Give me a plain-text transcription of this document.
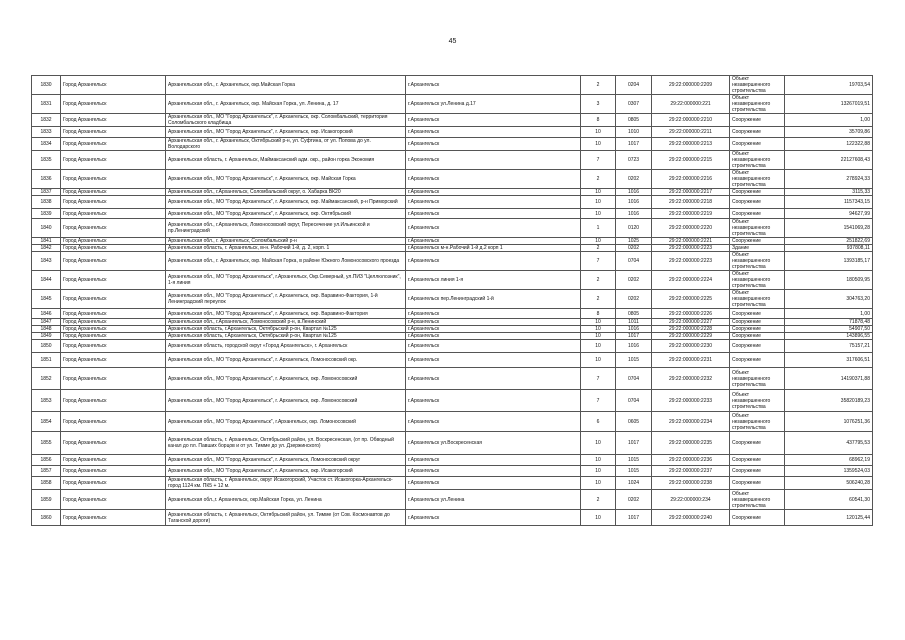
45
1830	Город Архангельск	Архангельская обл., г. Архангельск, окр.Майская Горка	г.Архангельск	2	0204	29:22:000000:2209	Объект незавершенного строительства	19703,54
1831	Город Архангельск	Архангельская обл., г. Архангельск, окр. Майская Горка, ул. Ленина, д. 17	г.Архангельск ул.Ленина д.17	3	0307	29:22:000000:221	Объект незавершенного строительства	13267019,51
1832	Город Архангельск	Архангельская обл., МО "Город Архангельск", г. Архангельск, окр. Соломбальский, территория Соломбальского кладбища	г.Архангельск	8	0805	29:22:000000:2210	Сооружение	1,00
1833	Город Архангельск	Архангельская обл., МО "Город Архангельск", г. Архангельск, окр. Исакогорский	г.Архангельск	10	1010	29:22:000000:2211	Сооружение	35709,86
1834	Город Архангельск	Архангельская обл., г. Архангельск, Октябрьский р-н, ул. Суфтина, от ул. Попова до ул. Володарского	г.Архангельск	10	1017	29:22:000000:2213	Сооружение	122322,88
1835	Город Архангельск	Архангельская область, г. Архангельск, Маймаксанский адм. окр., район горка Экономия	г.Архангельск	7	0723	29:22:000000:2215	Объект незавершенного строительства	22127608,43
1836	Город Архангельск	Архангельская обл., МО "Город Архангельск", г. Архангельск, окр. Майская Горка	г.Архангельск	2	0202	29:22:000000:2216	Объект незавершенного строительства	278924,33
1837	Город Архангельск	Архангельская обл., г.Архангельск, Соломбальский округ, о. Хабарка ВК20	г.Архангельск	10	1016	29:22:000000:2217	Сооружение	3115,33
1838	Город Архангельск	Архангельская обл., МО "Город Архангельск", г. Архангельск, окр. Маймаксанский, р-н Приморский	г.Архангельск	10	1016	29:22:000000:2218	Сооружение	1157343,15
1839	Город Архангельск	Архангельская обл., МО "Город Архангельск", г. Архангельск, окр. Октябрьский	г.Архангельск	10	1016	29:22:000000:2219	Сооружение	94627,99
1840	Город Архангельск	Архангельская обл., г.Архангельск, Ломоносовский округ, Пересечение ул.Ильинской и пр.Ленинградский	г.Архангельск	1	0120	29:22:000000:2220	Объект незавершенного строительства	1541069,28
1841	Город Архангельск	Архангельская обл., г. Архангельск, Соломбальский р-н	г.Архангельск	10	1025	29:22:000000:2221	Сооружение	251822,69
1842	Город Архангельск	Архангельская область, г. Архангельск, м-н. Рабочий 1-й, д. 2, корп. 1	г.Архангельск м-н.Рабочий 1-й д.2 корп 1	2	0202	29:22:000000:2223	Здание	937808,11
1843	Город Архангельск	Архангельская обл., г. Архангельск, окр. Майская Горка, в районе Южного Ломоносовского проезда	г.Архангельск	7	0704	29:22:000000:2223	Объект незавершенного строительства	1393185,17
1844	Город Архангельск	Архангельская обл., МО "Город Архангельск", г.Архангельск, Окр.Северный, ул.ПИЗ "Целлюлозник", 1-я линия	г.Архангельск линия 1-я	2	0202	29:22:000000:2224	Объект незавершенного строительства	180509,95
1845	Город Архангельск	Архангельская обл., МО "Город Архангельск", г. Архангельск, окр. Варавино-Фактория, 1-й Ленинградский переулок	г.Архангельск пер.Ленинградский 1-й	2	0202	29:22:000000:2225	Объект незавершенного строительства	304763,20
1846	Город Архангельск	Архангельская обл., МО "Город Архангельск", г. Архангельск, окр. Варавино-Фактория	г.Архангельск	8	0805	29:22:000000:2226	Сооружение	1,00
1847	Город Архангельск	Архангельская обл., г.Архангельск, Ломоносовский р-н, в.Ленинский	г.Архангельск	10	1011	29:22:000000:2227	Сооружение	71878,48
1848	Город Архангельск	Архангельская область, г.Архангельск, Октябрьский р-он, Квартал №125	г.Архангельск	10	1016	29:22:000000:2228	Сооружение	54907,50
1849	Город Архангельск	Архангельская область, г.Архангельск, Октябрьский р-он, Квартал №125	г.Архангельск	10	1017	29:22:000000:2229	Сооружение	143896,55
1850	Город Архангельск	Архангельская область, городской округ «Город Архангельск», г. Архангельск	г.Архангельск	10	1016	29:22:000000:2230	Сооружение	75157,21
1851	Город Архангельск	Архангельская обл., МО "Город Архангельск", г. Архангельск, Ломоносовский окр.	г.Архангельск	10	1015	29:22:000000:2231	Сооружение	317606,51
1852	Город Архангельск	Архангельская обл., МО "Город Архангельск", г. Архангельск, окр. Ломоносовский	г.Архангельск	7	0704	29:22:000000:2232	Объект незавершенного строительства	14190371,88
1853	Город Архангельск	Архангельская обл., МО "Город Архангельск", г. Архангельск, окр. Ломоносовский	г.Архангельск	7	0704	29:22:000000:2233	Объект незавершенного строительства	35820189,23
1854	Город Архангельск	Архангельская обл., МО "Город Архангельск", г.Архангельск, окр. Ломоносовский	г.Архангельск	6	0605	29:22:000000:2234	Объект незавершенного строительства	1076251,36
1855	Город Архангельск	Архангельская область, г. Архангельск, Октябрьский район, ул. Воскресенская, (от пр. Обводный канал до пл. Павших борцов и от ул. Тимме до ул. Дзержинского)	г.Архангельск ул.Воскресенская	10	1017	29:22:000000:2235	Сооружение	437795,53
1856	Город Архангельск	Архангельская обл., МО "Город Архангельск", г. Архангельск, Ломоносовский округ	г.Архангельск	10	1015	29:22:000000:2236	Сооружение	68962,19
1857	Город Архангельск	Архангельская обл., МО "Город Архангельск", г. Архангельск, окр. Исакогорский	г.Архангельск	10	1015	29:22:000000:2237	Сооружение	1359524,03
1858	Город Архангельск	Архангельская область, г. Архангельск, округ Исакогорский, Участок ст. Исакогорка-Архангельск-город 1124 км. ПК5 + 12 м.	г.Архангельск	10	1024	29:22:000000:2238	Сооружение	506240,28
1859	Город Архангельск	Архангельская обл.,г. Архангельск, окр.Майская Горка, ул. Ленина	г.Архангельск ул.Ленина	2	0202	29:22:000000:234	Объект незавершенного строительства	60541,30
1860	Город Архангельск	Архангельская область, г. Архангельск, Октябрьский район, ул. Тимме (от Сов. Космонавтов до Таганской дороги)	г.Архангельск	10	1017	29:22:000000:2240	Сооружение	120125,44
